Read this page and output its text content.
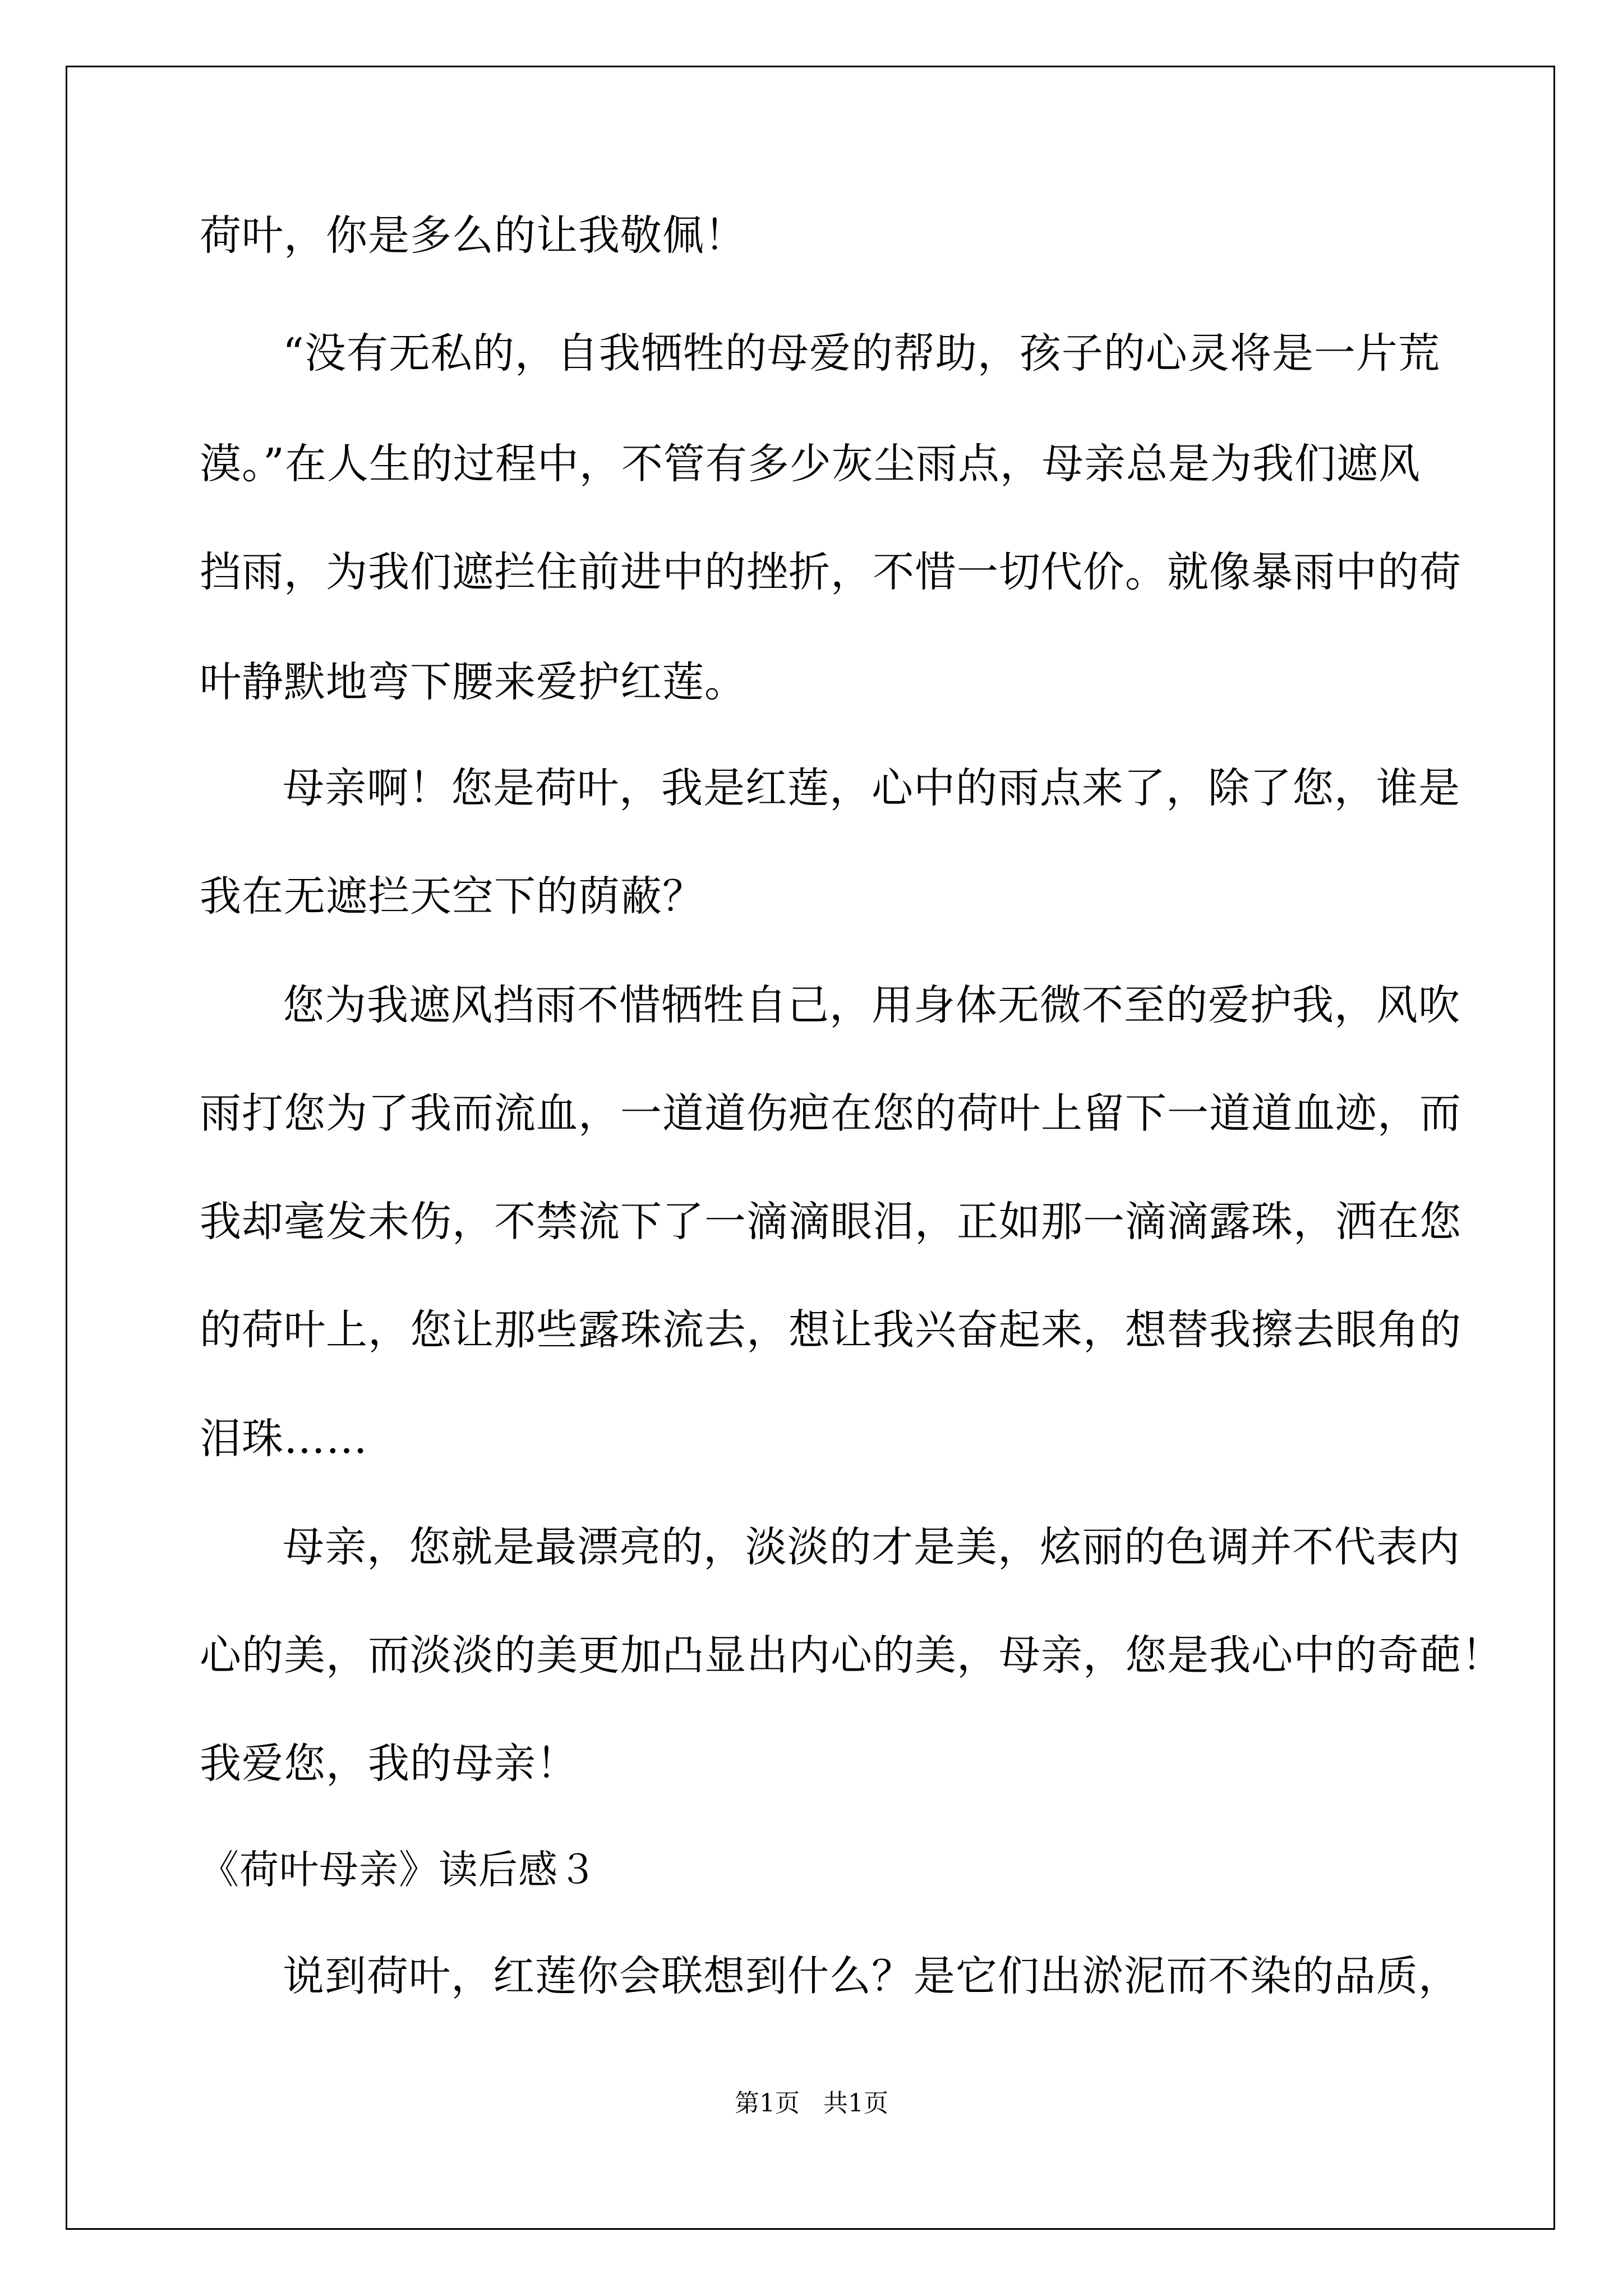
荷叶，你是多么的让我敬佩！
“没有无私的，自我牺牲的母爱的帮助，孩子的心灵将是一片荒
漠。”在人生的过程中，不管有多少灰尘雨点，母亲总是为我们遮风
挡雨，为我们遮拦住前进中的挫折，不惜一切代价。就像暴雨中的荷
叶静默地弯下腰来爱护红莲。
母亲啊！您是荷叶，我是红莲，心中的雨点来了，除了您，谁是
我在无遮拦天空下的荫蔽？
您为我遮风挡雨不惜牺牲自己，用身体无微不至的爱护我，风吹
雨打您为了我而流血，一道道伤疤在您的荷叶上留下一道道血迹，而
我却毫发未伤，不禁流下了一滴滴眼泪，正如那一滴滴露珠，洒在您
的荷叶上，您让那些露珠流去，想让我兴奋起来，想替我擦去眼角的
泪珠……
母亲，您就是最漂亮的，淡淡的才是美，炫丽的色调并不代表内
心的美，而淡淡的美更加凸显出内心的美，母亲，您是我心中的奇葩！
我爱您，我的母亲！
《荷叶母亲》读后感３
说到荷叶，红莲你会联想到什么？是它们出淤泥而不染的品质，
第1页   共1页
